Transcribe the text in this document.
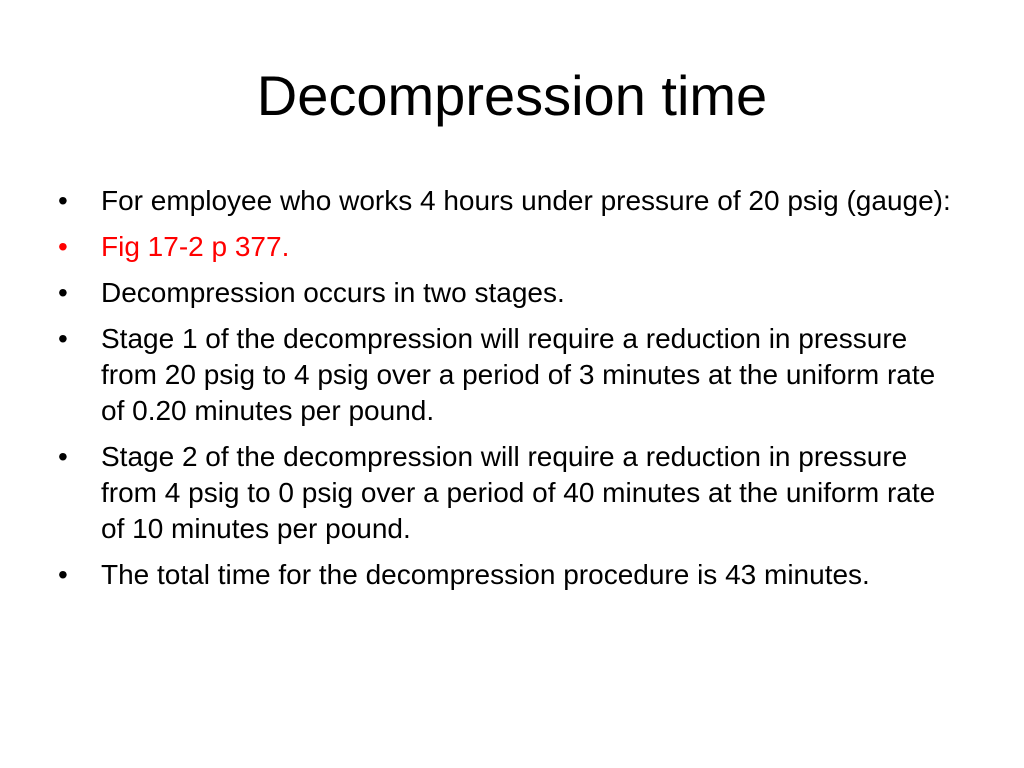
Decompression time
• For employee who works 4 hours under pressure of 20 psig (gauge):
• Fig 17-2 p 377.
• Decompression occurs in two stages.
• Stage 1 of the decompression will require a reduction in pressure from 20 psig to 4 psig over a period of 3 minutes at the uniform rate of 0.20 minutes per pound.
• Stage 2 of the decompression will require a reduction in pressure from 4 psig to 0 psig over a period of 40 minutes at the uniform rate of 10 minutes per pound.
• The total time for the decompression procedure is 43 minutes.
